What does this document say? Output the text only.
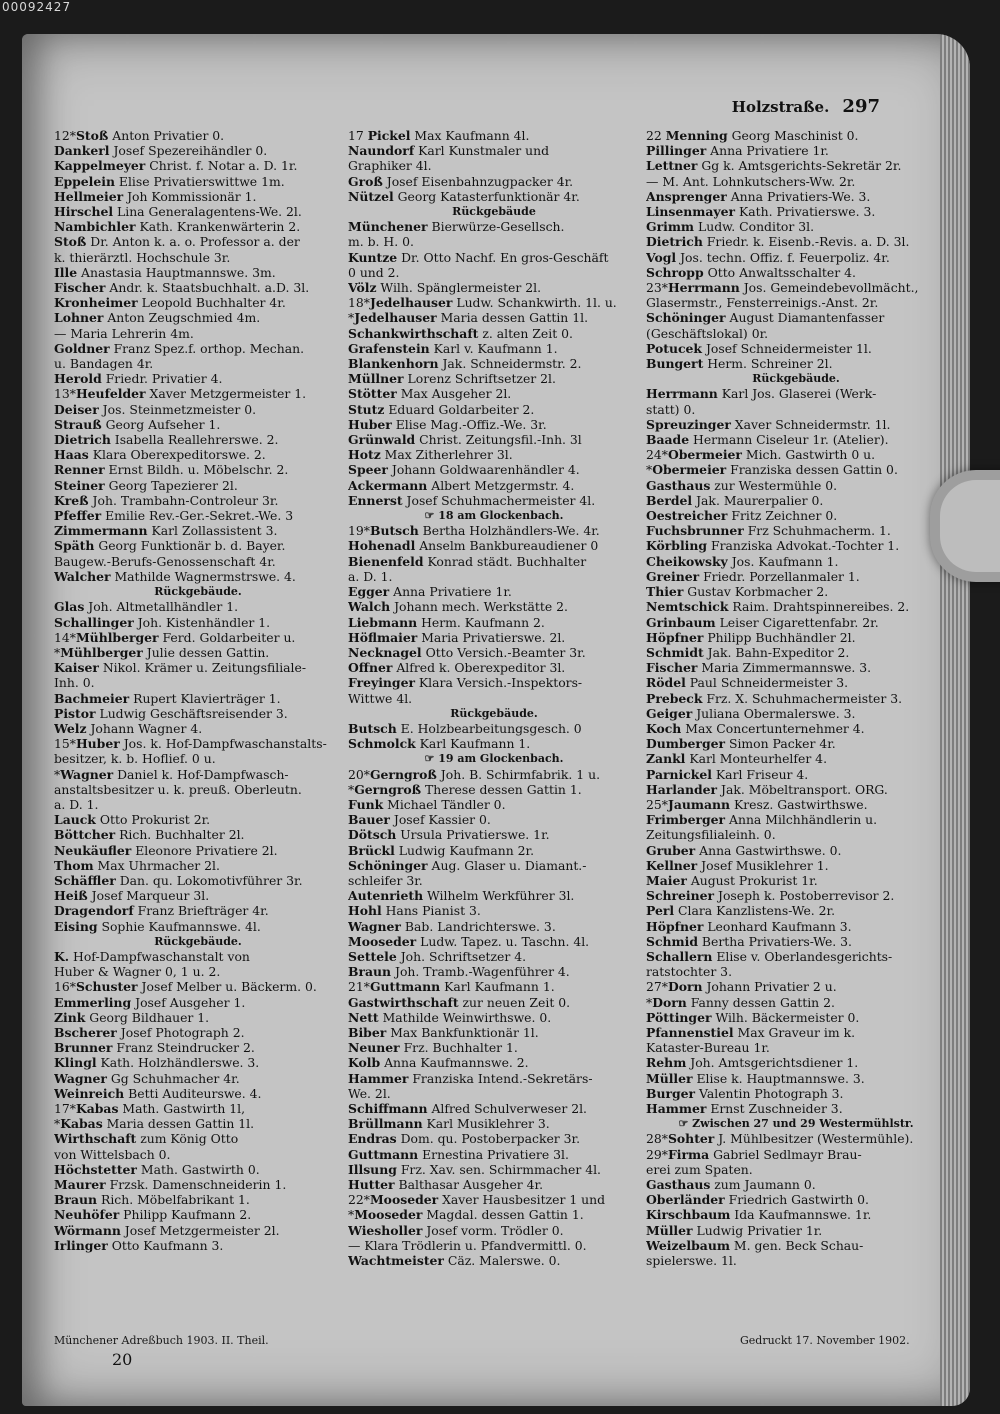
00092427
Holzstraße. 297
12*Stoß Anton Privatier 0.
Dankerl Josef Spezereihändler 0.
Kappelmeyer Christ. f. Notar a. D. 1r.
Eppelein Elise Privatierswittwe 1m.
Hellmeier Joh Kommissionär 1.
Hirschel Lina Generalagentens-We. 2l.
Nambichler Kath. Krankenwärterin 2.
Stoß Dr. Anton k. a. o. Professor a. der
k. thierärztl. Hochschule 3r.
Ille Anastasia Hauptmannswe. 3m.
Fischer Andr. k. Staatsbuchhalt. a.D. 3l.
Kronheimer Leopold Buchhalter 4r.
Lohner Anton Zeugschmied 4m.
— Maria Lehrerin 4m.
Goldner Franz Spez.f. orthop. Mechan.
u. Bandagen 4r.
Herold Friedr. Privatier 4.
13*Heufelder Xaver Metzgermeister 1.
Deiser Jos. Steinmetzmeister 0.
Strauß Georg Aufseher 1.
Dietrich Isabella Reallehrerswe. 2.
Haas Klara Oberexpeditorswe. 2.
Renner Ernst Bildh. u. Möbelschr. 2.
Steiner Georg Tapezierer 2l.
Kreß Joh. Trambahn-Controleur 3r.
Pfeffer Emilie Rev.-Ger.-Sekret.-We. 3
Zimmermann Karl Zollassistent 3.
Späth Georg Funktionär b. d. Bayer.
Baugew.-Berufs-Genossenschaft 4r.
Walcher Mathilde Wagnermstrswe. 4.
Rückgebäude.
Glas Joh. Altmetallhändler 1.
Schallinger Joh. Kistenhändler 1.
14*Mühlberger Ferd. Goldarbeiter u.
*Mühlberger Julie dessen Gattin.
Kaiser Nikol. Krämer u. Zeitungsfiliale-
Inh. 0.
Bachmeier Rupert Klavierträger 1.
Pistor Ludwig Geschäftsreisender 3.
Welz Johann Wagner 4.
15*Huber Jos. k. Hof-Dampfwaschanstalts-
besitzer, k. b. Hoflief. 0 u.
*Wagner Daniel k. Hof-Dampfwasch-
anstaltsbesitzer u. k. preuß. Oberleutn.
a. D. 1.
Lauck Otto Prokurist 2r.
Böttcher Rich. Buchhalter 2l.
Neukäufler Eleonore Privatiere 2l.
Thom Max Uhrmacher 2l.
Schäffler Dan. qu. Lokomotivführer 3r.
Heiß Josef Marqueur 3l.
Dragendorf Franz Briefträger 4r.
Eising Sophie Kaufmannswe. 4l.
Rückgebäude.
K. Hof-Dampfwaschanstalt von
Huber & Wagner 0, 1 u. 2.
16*Schuster Josef Melber u. Bäckerm. 0.
Emmerling Josef Ausgeher 1.
Zink Georg Bildhauer 1.
Bscherer Josef Photograph 2.
Brunner Franz Steindrucker 2.
Klingl Kath. Holzhändlerswe. 3.
Wagner Gg Schuhmacher 4r.
Weinreich Betti Auditeurswe. 4.
17*Kabas Math. Gastwirth 1l,
*Kabas Maria dessen Gattin 1l.
Wirthschaft zum König Otto
von Wittelsbach 0.
Höchstetter Math. Gastwirth 0.
Maurer Frzsk. Damenschneiderin 1.
Braun Rich. Möbelfabrikant 1.
Neuhöfer Philipp Kaufmann 2.
Wörmann Josef Metzgermeister 2l.
Irlinger Otto Kaufmann 3.
17 Pickel Max Kaufmann 4l.
Naundorf Karl Kunstmaler und
Graphiker 4l.
Groß Josef Eisenbahnzugpacker 4r.
Nützel Georg Katasterfunktionär 4r.
Rückgebäude
Münchener Bierwürze-Gesellsch.
m. b. H. 0.
Kuntze Dr. Otto Nachf. En gros-Geschäft
0 und 2.
Völz Wilh. Spänglermeister 2l.
18*Jedelhauser Ludw. Schankwirth. 1l. u.
*Jedelhauser Maria dessen Gattin 1l.
Schankwirthschaft z. alten Zeit 0.
Grafenstein Karl v. Kaufmann 1.
Blankenhorn Jak. Schneidermstr. 2.
Müllner Lorenz Schriftsetzer 2l.
Stötter Max Ausgeher 2l.
Stutz Eduard Goldarbeiter 2.
Huber Elise Mag.-Offiz.-We. 3r.
Grünwald Christ. Zeitungsfil.-Inh. 3l
Hotz Max Zitherlehrer 3l.
Speer Johann Goldwaarenhändler 4.
Ackermann Albert Metzgermstr. 4.
Ennerst Josef Schuhmachermeister 4l.
☞ 18 am Glockenbach.
19*Butsch Bertha Holzhändlers-We. 4r.
Hohenadl Anselm Bankbureaudiener 0
Bienenfeld Konrad städt. Buchhalter
a. D. 1.
Egger Anna Privatiere 1r.
Walch Johann mech. Werkstätte 2.
Liebmann Herm. Kaufmann 2.
Höflmaier Maria Privatierswe. 2l.
Necknagel Otto Versich.-Beamter 3r.
Offner Alfred k. Oberexpeditor 3l.
Freyinger Klara Versich.-Inspektors-
Wittwe 4l.
Rückgebäude.
Butsch E. Holzbearbeitungsgesch. 0
Schmolck Karl Kaufmann 1.
☞ 19 am Glockenbach.
20*Gerngroß Joh. B. Schirmfabrik. 1 u.
*Gerngroß Therese dessen Gattin 1.
Funk Michael Tändler 0.
Bauer Josef Kassier 0.
Dötsch Ursula Privatierswe. 1r.
Brückl Ludwig Kaufmann 2r.
Schöninger Aug. Glaser u. Diamant.-
schleifer 3r.
Autenrieth Wilhelm Werkführer 3l.
Hohl Hans Pianist 3.
Wagner Bab. Landrichterswe. 3.
Mooseder Ludw. Tapez. u. Taschn. 4l.
Settele Joh. Schriftsetzer 4.
Braun Joh. Tramb.-Wagenführer 4.
21*Guttmann Karl Kaufmann 1.
Gastwirthschaft zur neuen Zeit 0.
Nett Mathilde Weinwirthswe. 0.
Biber Max Bankfunktionär 1l.
Neuner Frz. Buchhalter 1.
Kolb Anna Kaufmannswe. 2.
Hammer Franziska Intend.-Sekretärs-
We. 2l.
Schiffmann Alfred Schulverweser 2l.
Brüllmann Karl Musiklehrer 3.
Endras Dom. qu. Postoberpacker 3r.
Guttmann Ernestina Privatiere 3l.
Illsung Frz. Xav. sen. Schirmmacher 4l.
Hutter Balthasar Ausgeher 4r.
22*Mooseder Xaver Hausbesitzer 1 und
*Mooseder Magdal. dessen Gattin 1.
Wiesholler Josef vorm. Trödler 0.
— Klara Trödlerin u. Pfandvermittl. 0.
Wachtmeister Cäz. Malerswe. 0.
22 Menning Georg Maschinist 0.
Pillinger Anna Privatiere 1r.
Lettner Gg k. Amtsgerichts-Sekretär 2r.
— M. Ant. Lohnkutschers-Ww. 2r.
Ansprenger Anna Privatiers-We. 3.
Linsenmayer Kath. Privatierswe. 3.
Grimm Ludw. Conditor 3l.
Dietrich Friedr. k. Eisenb.-Revis. a. D. 3l.
Vogl Jos. techn. Offiz. f. Feuerpoliz. 4r.
Schropp Otto Anwaltsschalter 4.
23*Herrmann Jos. Gemeindebevollmächt.,
Glasermstr., Fensterreinigs.-Anst. 2r.
Schöninger August Diamantenfasser
(Geschäftslokal) 0r.
Potucek Josef Schneidermeister 1l.
Bungert Herm. Schreiner 2l.
Rückgebäude.
Herrmann Karl Jos. Glaserei (Werk-
statt) 0.
Spreuzinger Xaver Schneidermstr. 1l.
Baade Hermann Ciseleur 1r. (Atelier).
24*Obermeier Mich. Gastwirth 0 u.
*Obermeier Franziska dessen Gattin 0.
Gasthaus zur Westermühle 0.
Berdel Jak. Maurerpalier 0.
Oestreicher Fritz Zeichner 0.
Fuchsbrunner Frz Schuhmacherm. 1.
Körbling Franziska Advokat.-Tochter 1.
Cheikowsky Jos. Kaufmann 1.
Greiner Friedr. Porzellanmaler 1.
Thier Gustav Korbmacher 2.
Nemtschick Raim. Drahtspinnereibes. 2.
Grinbaum Leiser Cigarettenfabr. 2r.
Höpfner Philipp Buchhändler 2l.
Schmidt Jak. Bahn-Expeditor 2.
Fischer Maria Zimmermannswe. 3.
Rödel Paul Schneidermeister 3.
Prebeck Frz. X. Schuhmachermeister 3.
Geiger Juliana Obermalerswe. 3.
Koch Max Concertunternehmer 4.
Dumberger Simon Packer 4r.
Zankl Karl Monteurhelfer 4.
Parnickel Karl Friseur 4.
Harlander Jak. Möbeltransport. ORG.
25*Jaumann Kresz. Gastwirthswe.
Frimberger Anna Milchhändlerin u.
Zeitungsfilialeinh. 0.
Gruber Anna Gastwirthswe. 0.
Kellner Josef Musiklehrer 1.
Maier August Prokurist 1r.
Schreiner Joseph k. Postoberrevisor 2.
Perl Clara Kanzlistens-We. 2r.
Höpfner Leonhard Kaufmann 3.
Schmid Bertha Privatiers-We. 3.
Schallern Elise v. Oberlandesgerichts-
ratstochter 3.
27*Dorn Johann Privatier 2 u.
*Dorn Fanny dessen Gattin 2.
Pöttinger Wilh. Bäckermeister 0.
Pfannenstiel Max Graveur im k.
Kataster-Bureau 1r.
Rehm Joh. Amtsgerichtsdiener 1.
Müller Elise k. Hauptmannswe. 3.
Burger Valentin Photograph 3.
Hammer Ernst Zuschneider 3.
☞ Zwischen 27 und 29 Westermühlstr.
28*Sohter J. Mühlbesitzer (Westermühle).
29*Firma Gabriel Sedlmayr Brau-
erei zum Spaten.
Gasthaus zum Jaumann 0.
Oberländer Friedrich Gastwirth 0.
Kirschbaum Ida Kaufmannswe. 1r.
Müller Ludwig Privatier 1r.
Weizelbaum M. gen. Beck Schau-
spielerswe. 1l.
Münchener Adreßbuch 1903. II. Theil.
20
Gedruckt 17. November 1902.
